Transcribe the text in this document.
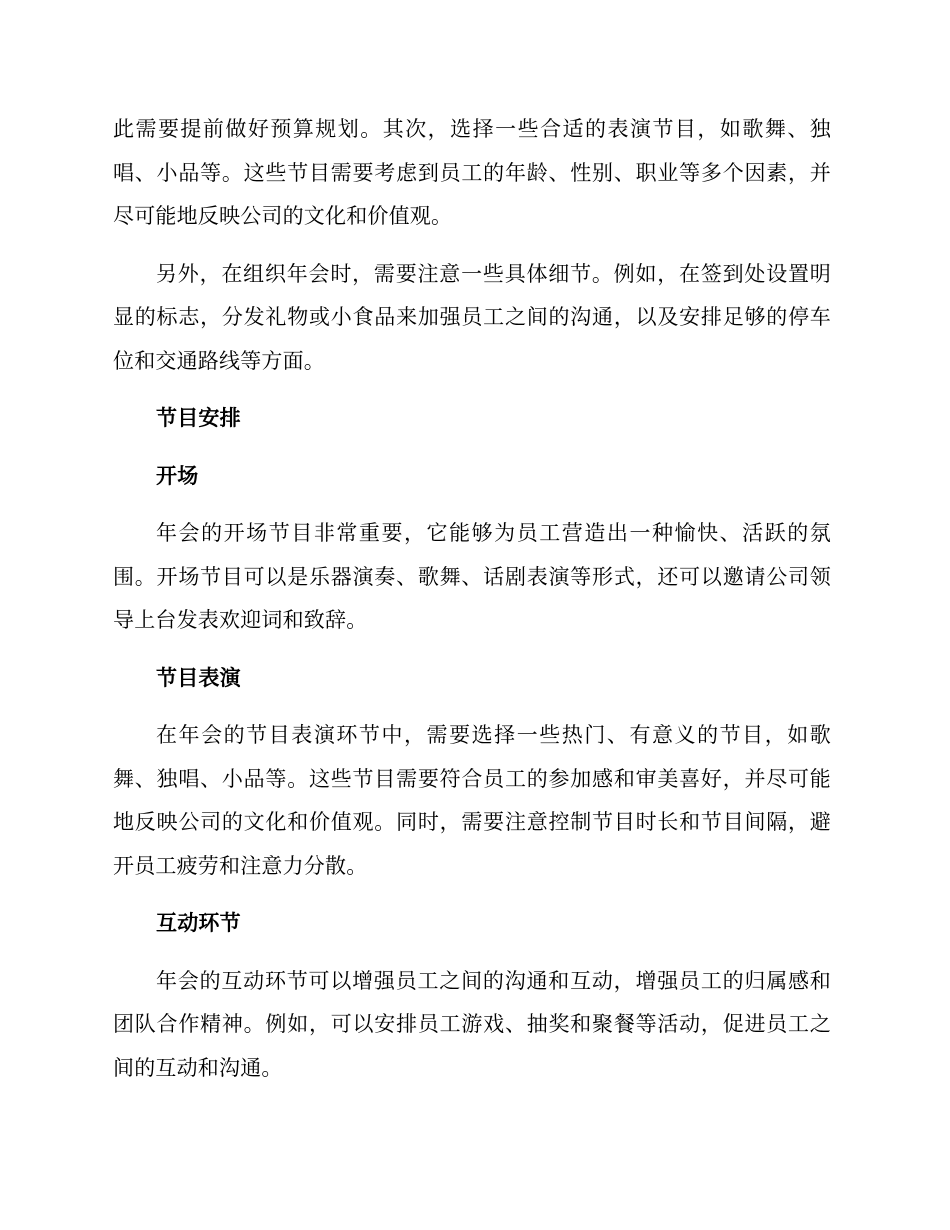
此需要提前做好预算规划。其次，选择一些合适的表演节目，如歌舞、独唱、小品等。这些节目需要考虑到员工的年龄、性别、职业等多个因素，并尽可能地反映公司的文化和价值观。

另外，在组织年会时，需要注意一些具体细节。例如，在签到处设置明显的标志，分发礼物或小食品来加强员工之间的沟通，以及安排足够的停车位和交通路线等方面。

节目安排
开场

年会的开场节目非常重要，它能够为员工营造出一种愉快、活跃的氛围。开场节目可以是乐器演奏、歌舞、话剧表演等形式，还可以邀请公司领导上台发表欢迎词和致辞。

节目表演

在年会的节目表演环节中，需要选择一些热门、有意义的节目，如歌舞、独唱、小品等。这些节目需要符合员工的参加感和审美喜好，并尽可能地反映公司的文化和价值观。同时，需要注意控制节目时长和节目间隔，避开员工疲劳和注意力分散。

互动环节

年会的互动环节可以增强员工之间的沟通和互动，增强员工的归属感和团队合作精神。例如，可以安排员工游戏、抽奖和聚餐等活动，促进员工之间的互动和沟通。
